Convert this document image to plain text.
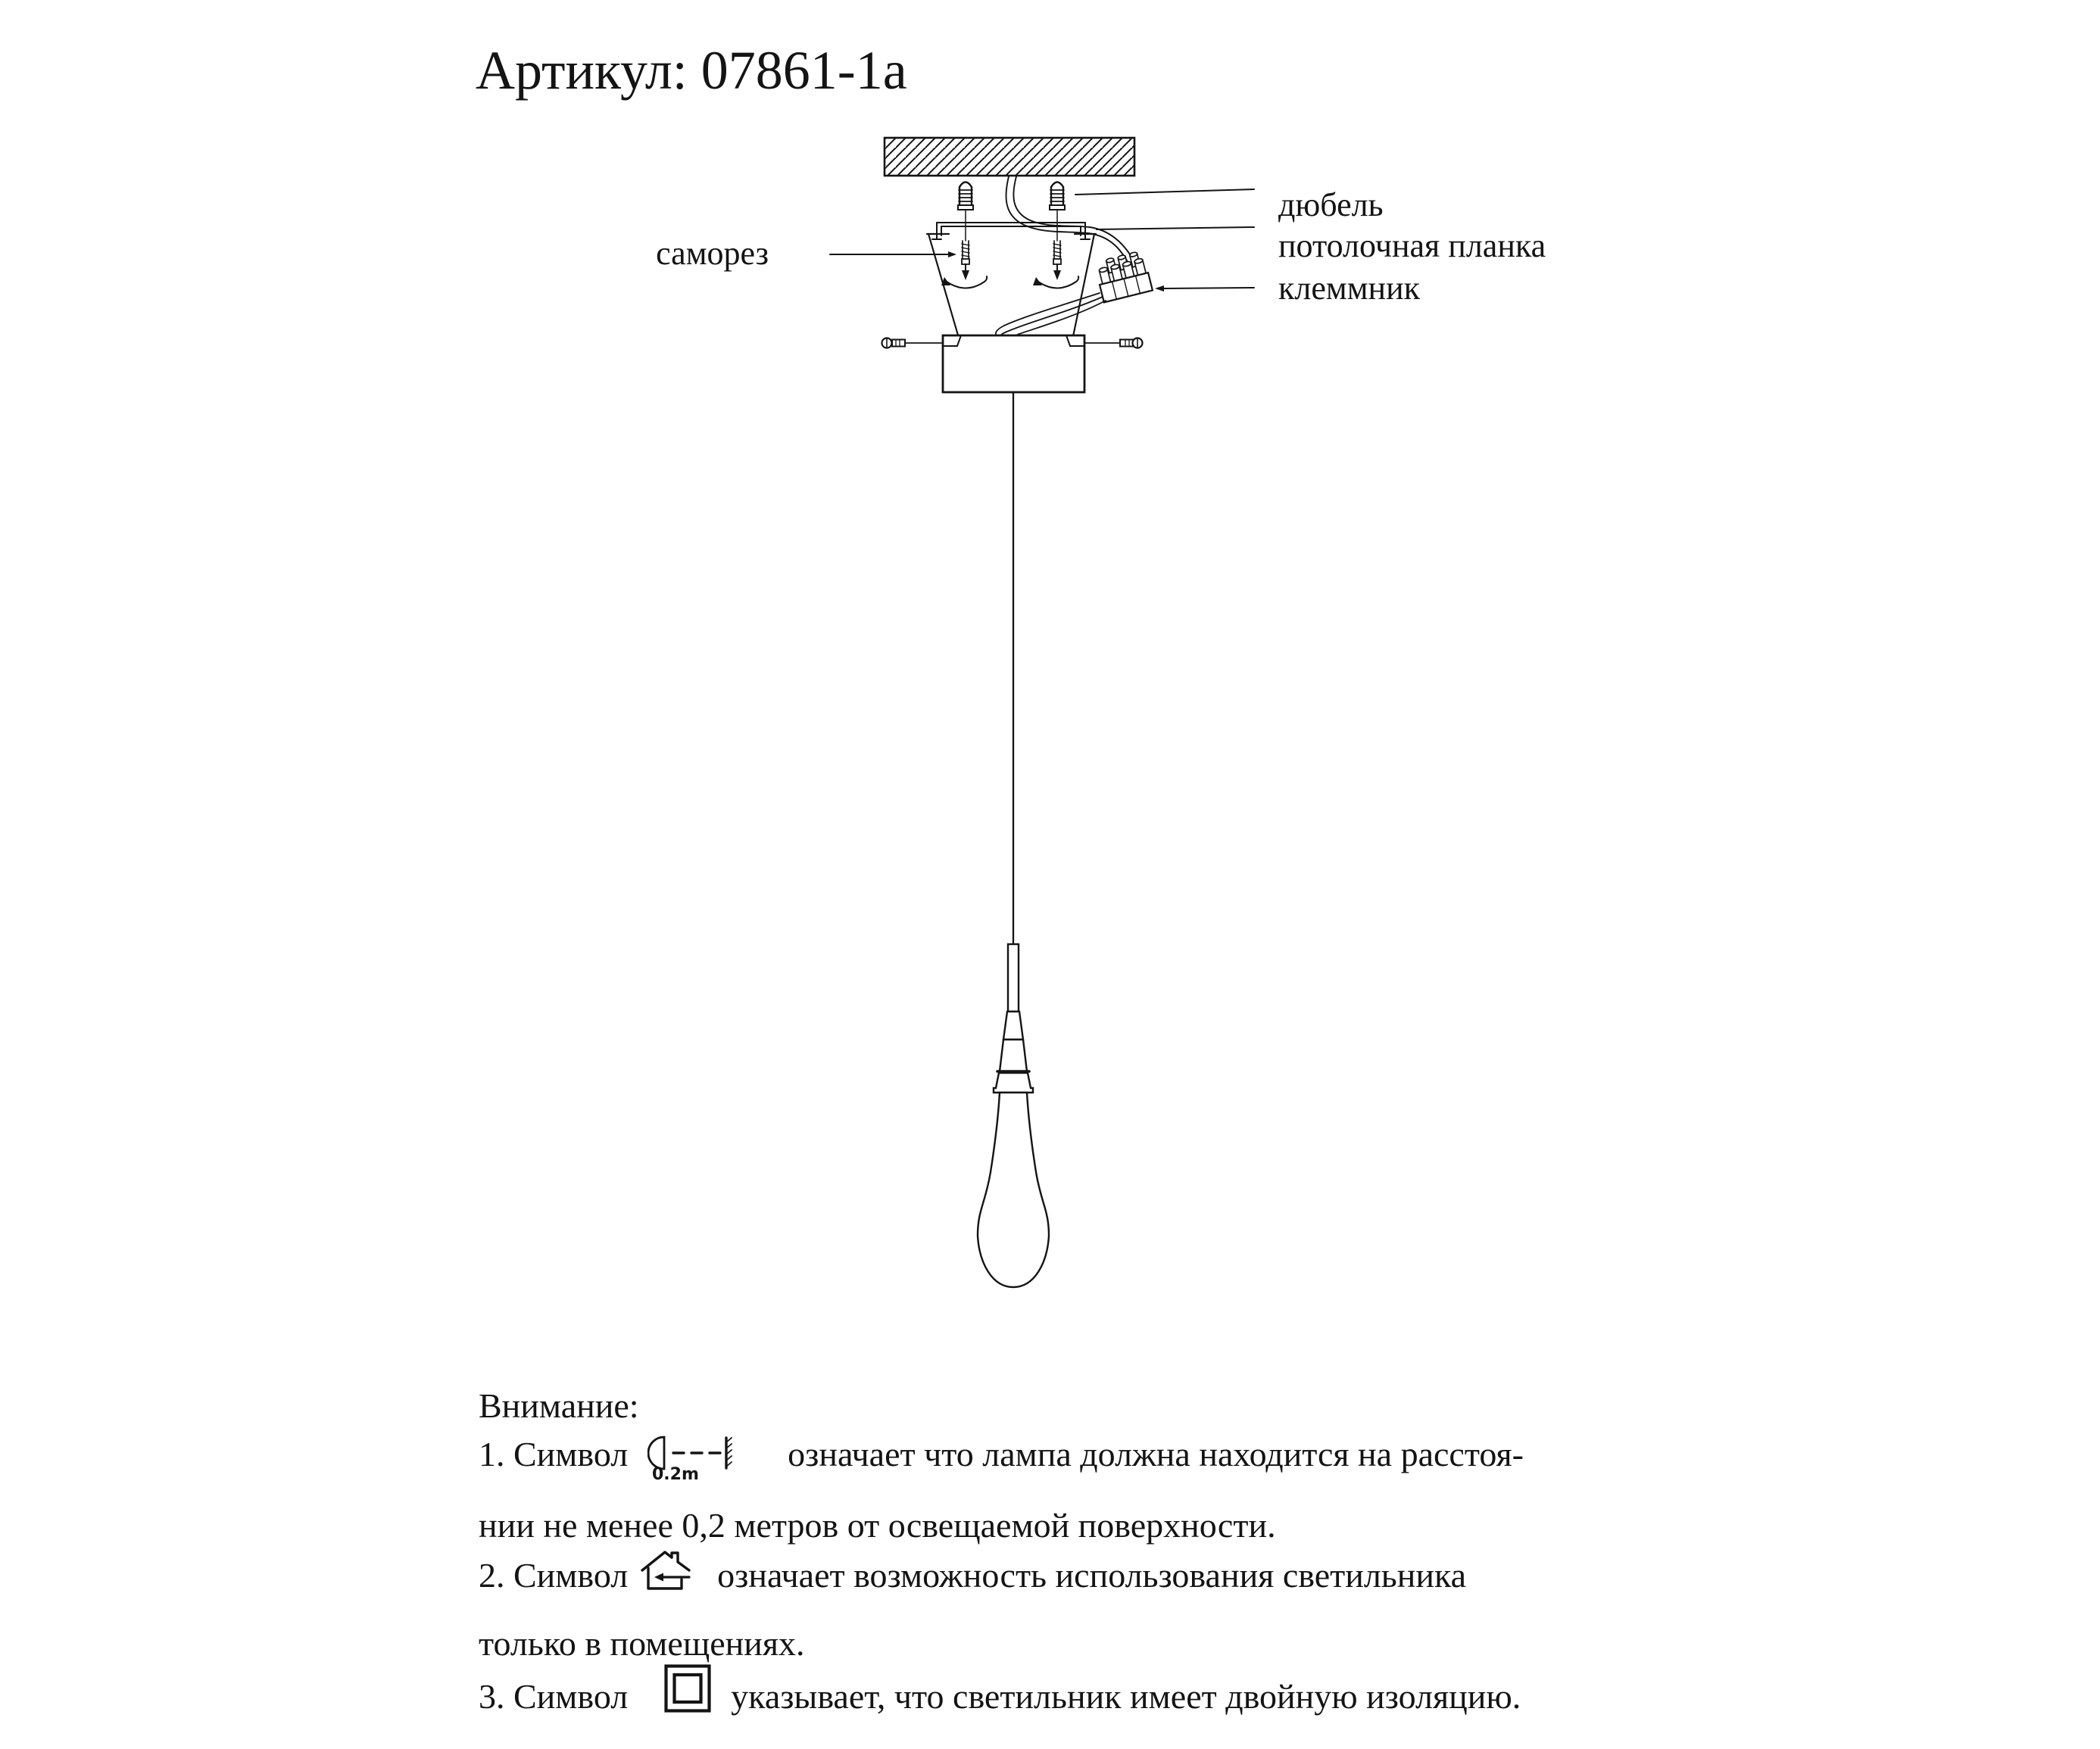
Артикул: 07861-1a
саморез
дюбель
потолочная планка
клеммник
Внимание:
1. Символ
0.2m
означает что лампа должна находится на расстоя-
нии не менее 0,2 метров от освещаемой поверхности.
2. Символ	означает возможность использования светильника
только в помещениях.
3. Символ	указывает, что светильник имеет двойную изоляцию.
